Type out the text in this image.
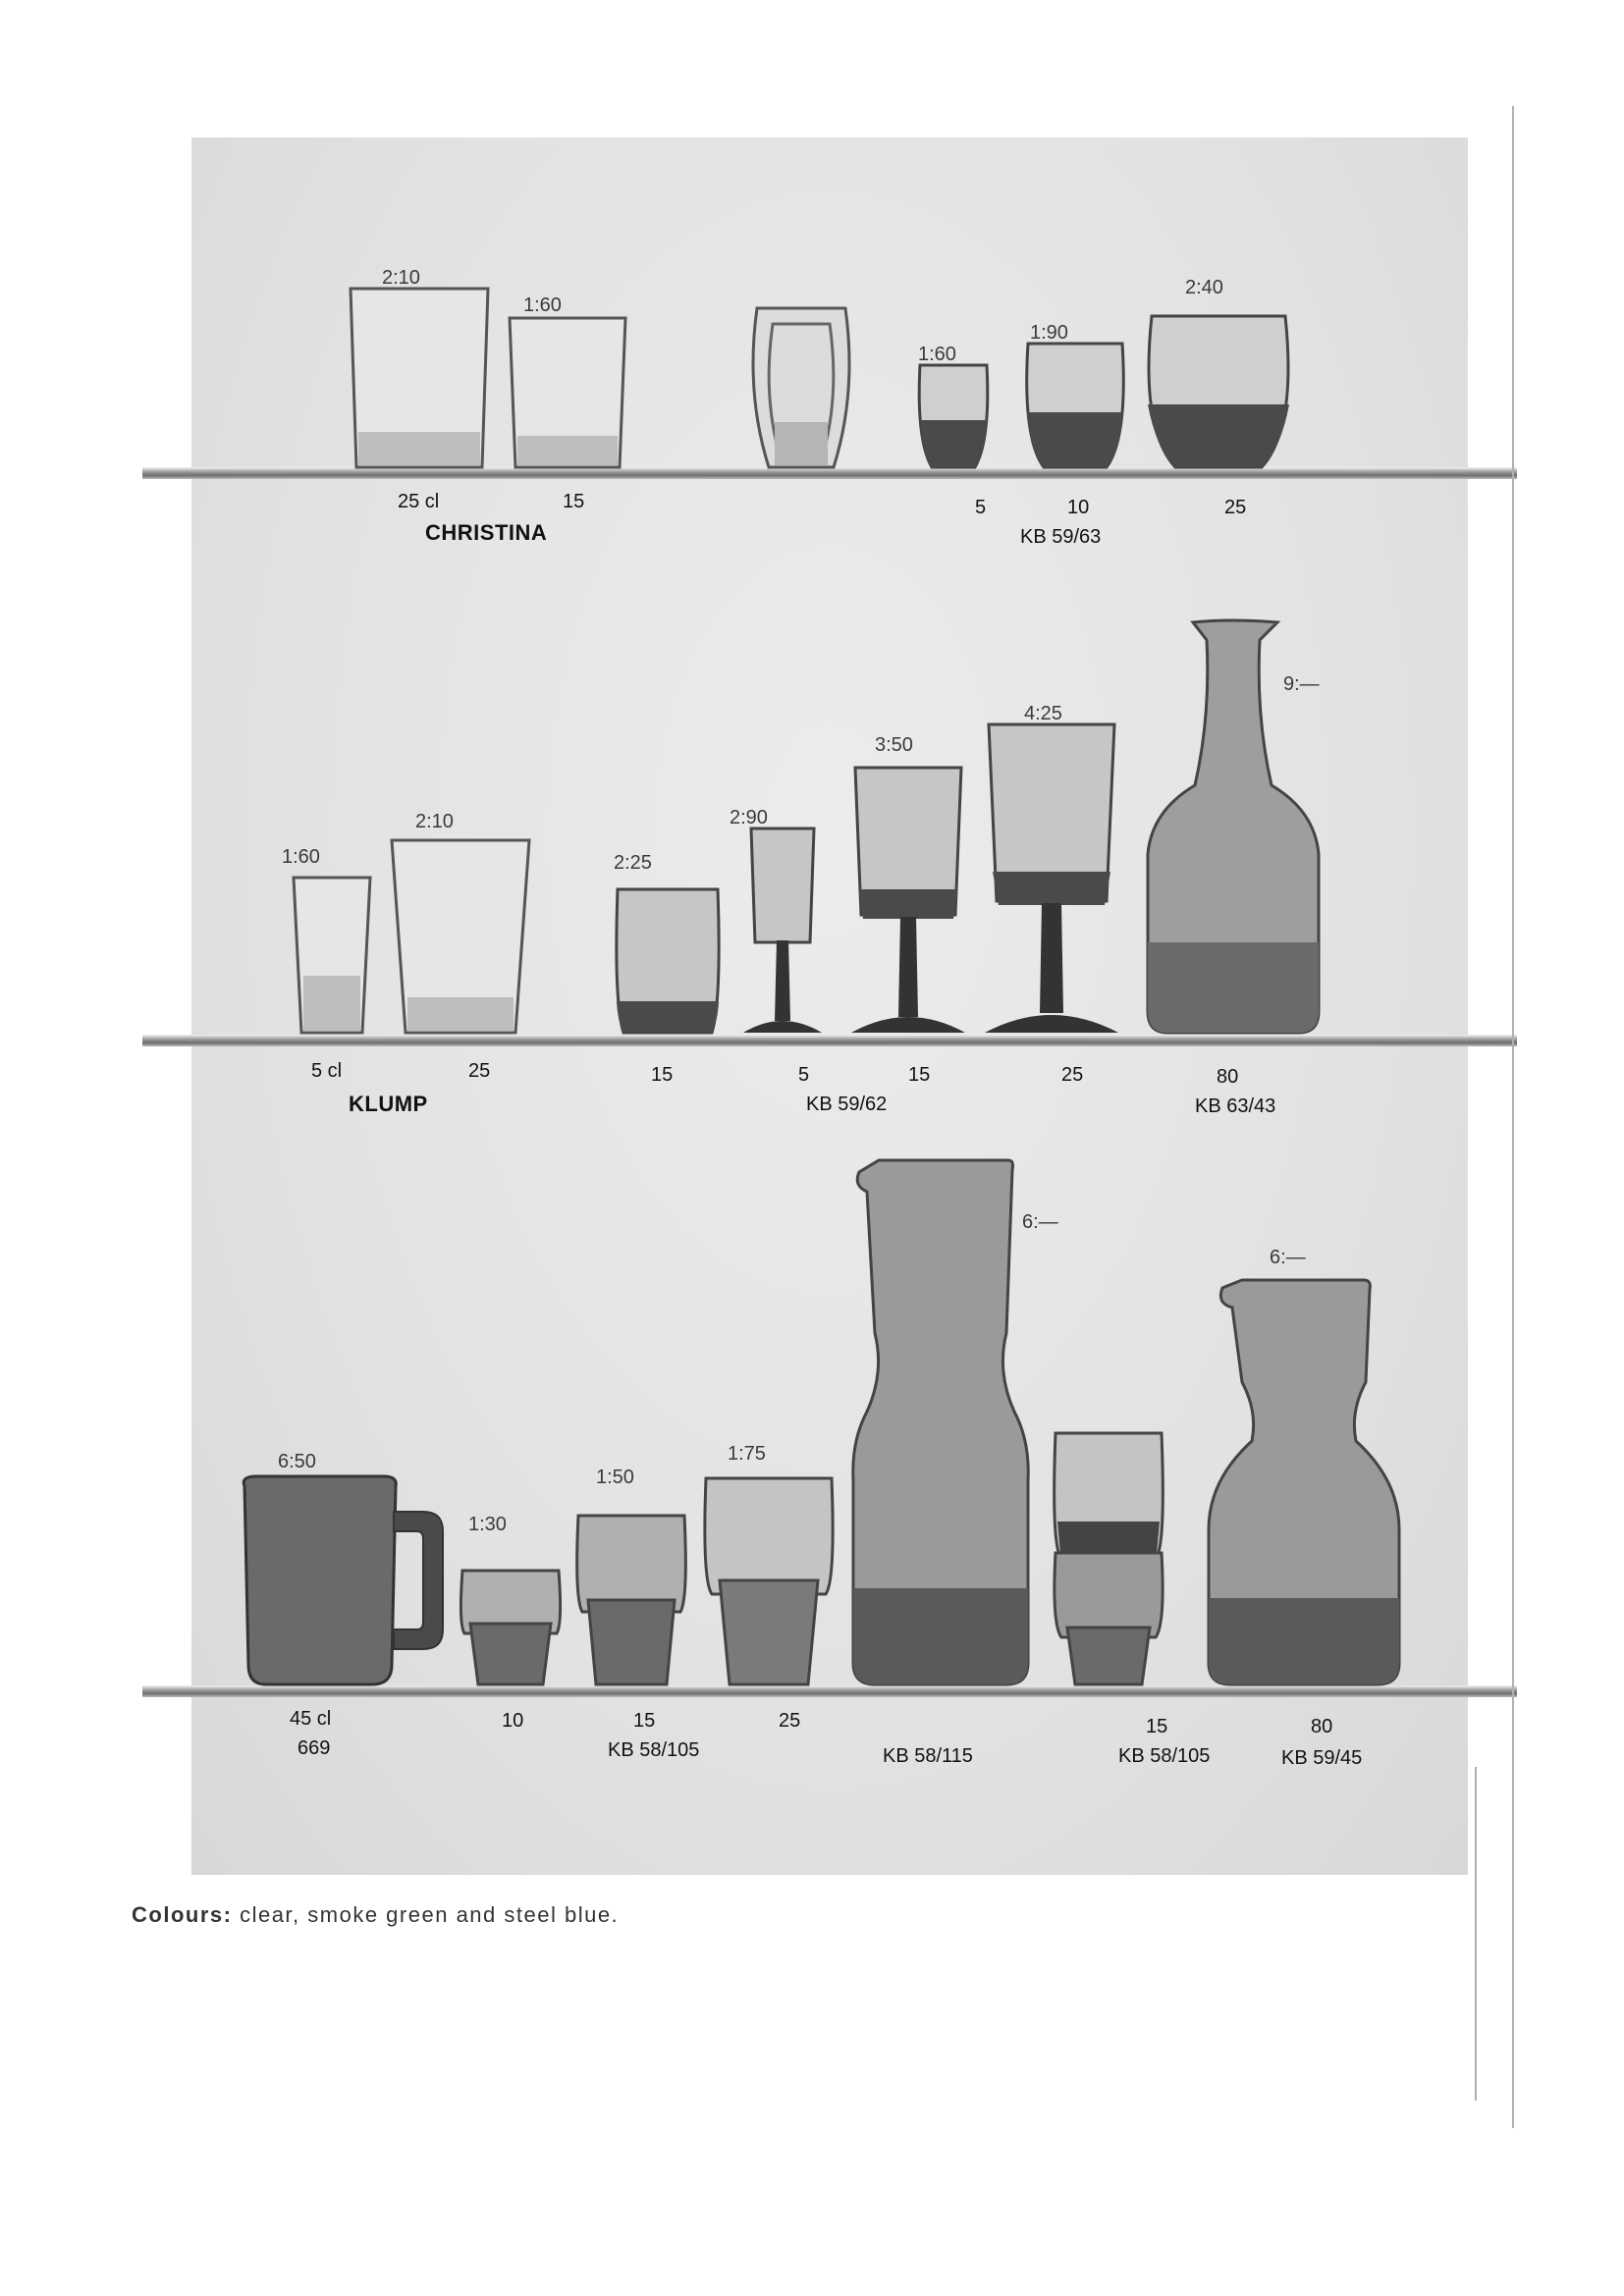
2:10
1:60
1:60
1:90
2:40
25 cl	15
CHRISTINA
5	10	25
KB 59/63
1:60
2:10
2:25
2:90
3:50
4:25
9:—
5 cl	25
KLUMP
15	5	15	25
KB 59/62
80
KB 63/43
6:50
1:30
1:50
1:75
6:—
6:—
45 cl
669
10	15
KB 58/105
25
KB 58/115
15
KB 58/105
80
KB 59/45
Colours: clear, smoke green and steel blue.
